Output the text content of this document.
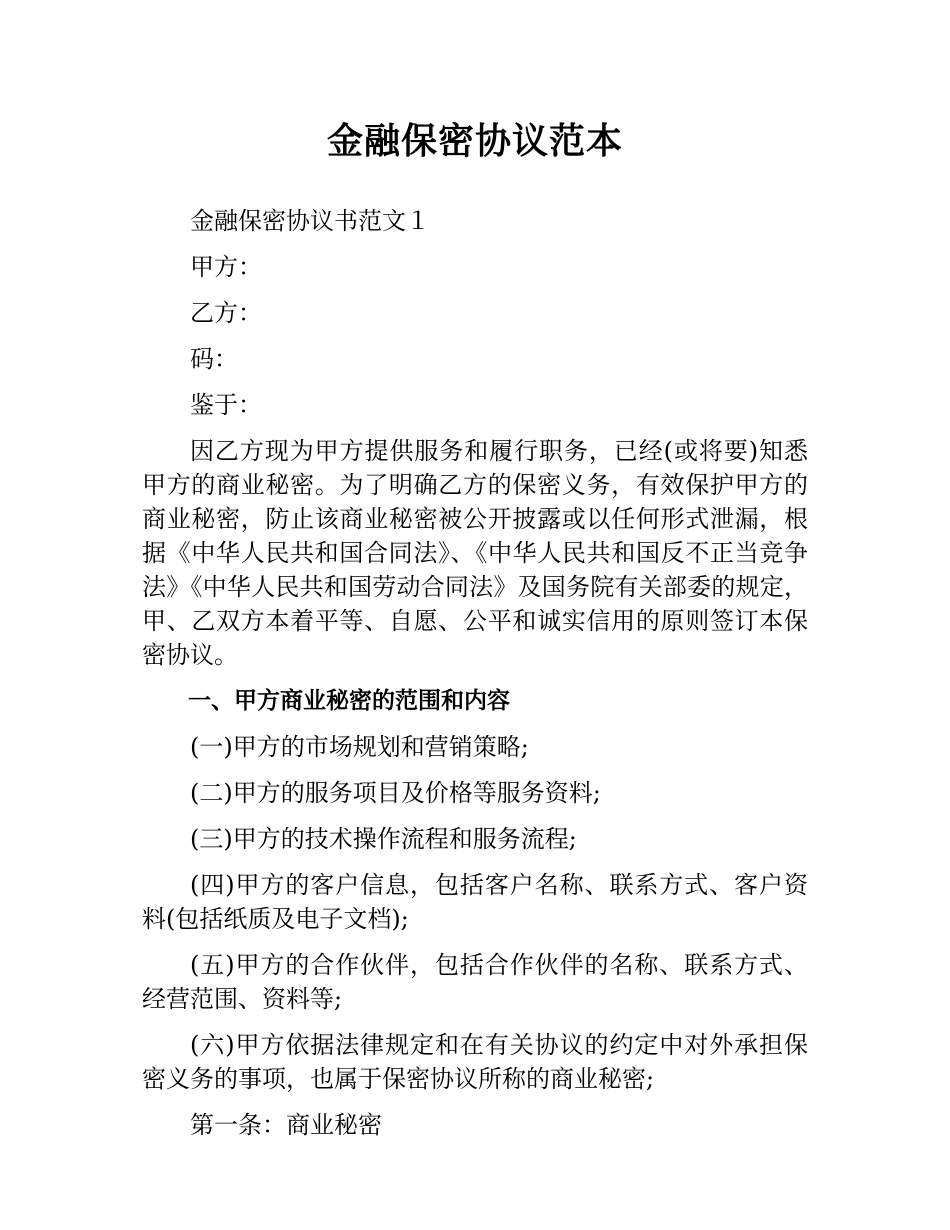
金融保密协议范本

金融保密协议书范文１

甲方：

乙方：

码：

鉴于：

因乙方现为甲方提供服务和履行职务，已经(或将要)知悉甲方的商业秘密。为了明确乙方的保密义务，有效保护甲方的商业秘密，防止该商业秘密被公开披露或以任何形式泄漏，根据《中华人民共和国合同法》、《中华人民共和国反不正当竞争法》《中华人民共和国劳动合同法》及国务院有关部委的规定，甲、乙双方本着平等、自愿、公平和诚实信用的原则签订本保密协议。

一、甲方商业秘密的范围和内容

(一)甲方的市场规划和营销策略;

(二)甲方的服务项目及价格等服务资料;

(三)甲方的技术操作流程和服务流程;

(四)甲方的客户信息，包括客户名称、联系方式、客户资料(包括纸质及电子文档);

(五)甲方的合作伙伴，包括合作伙伴的名称、联系方式、经营范围、资料等;

(六)甲方依据法律规定和在有关协议的约定中对外承担保密义务的事项，也属于保密协议所称的商业秘密;

第一条：商业秘密
